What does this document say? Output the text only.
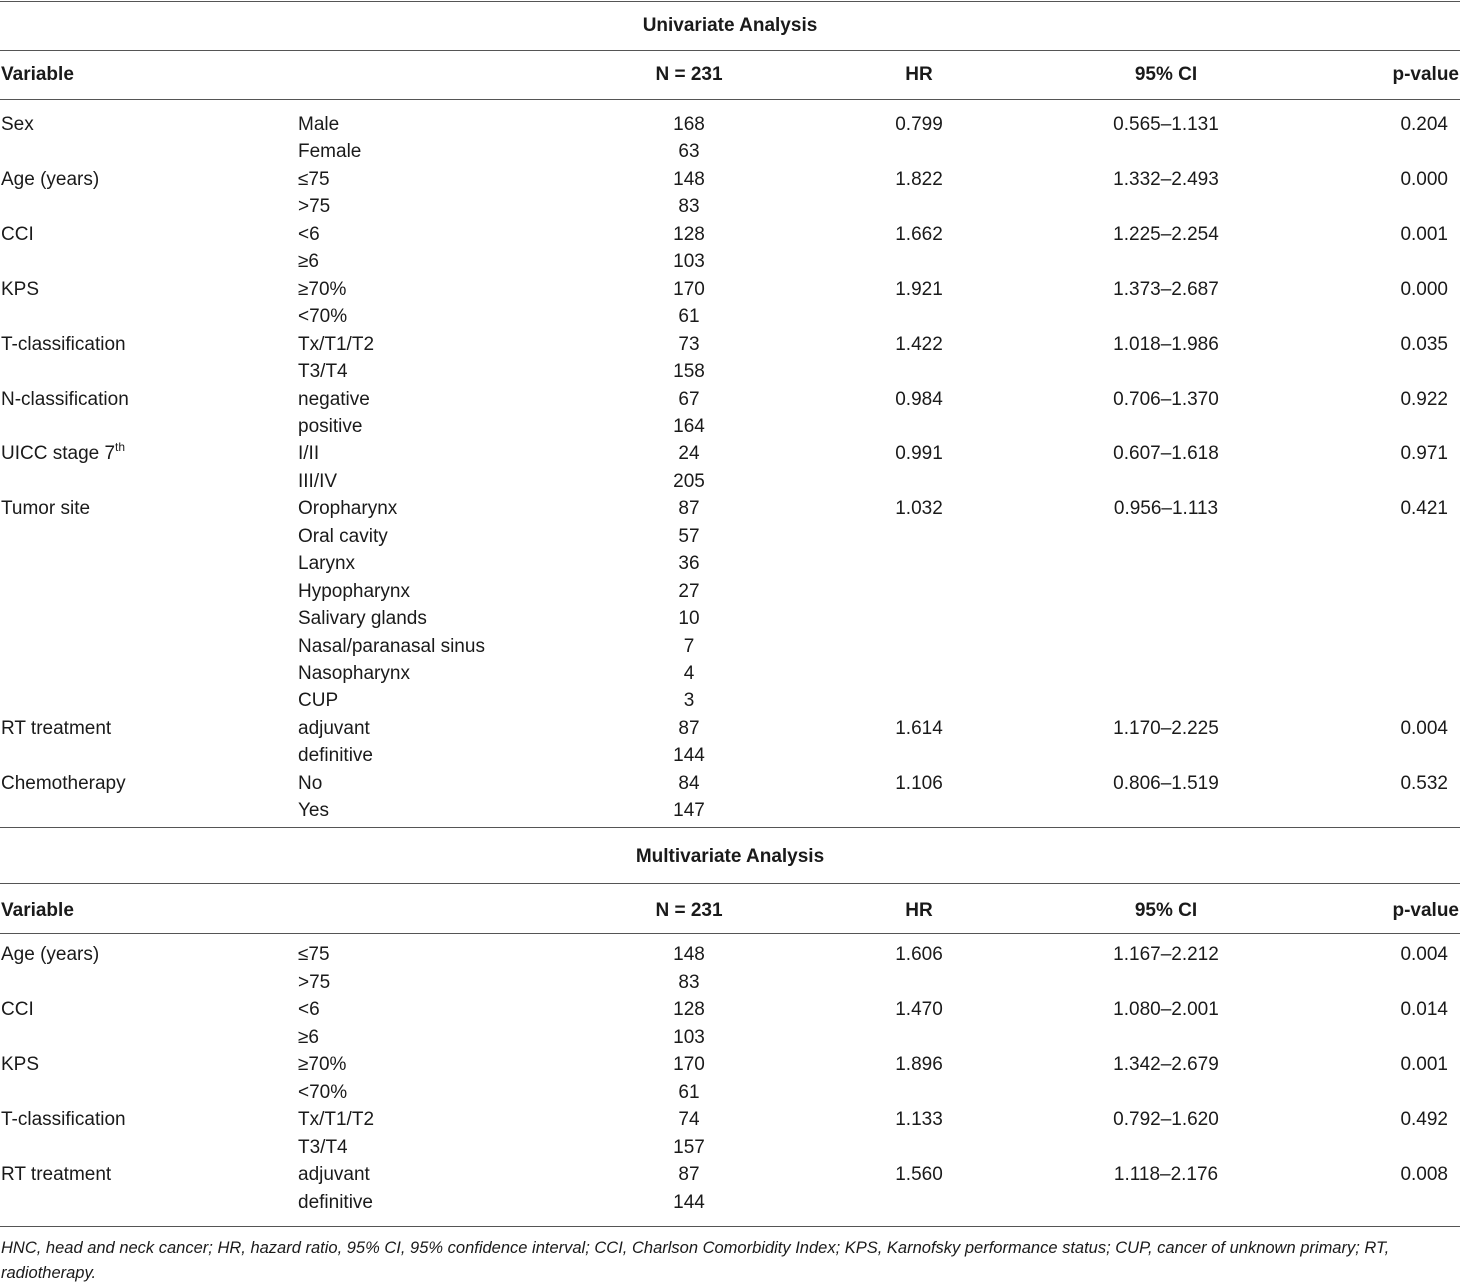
Univariate Analysis
Variable	N = 231	HR	95% CI	p-value
Sex	Male	168	0.799	0.565–1.131	0.204
Female	63
Age (years)	≤75	148	1.822	1.332–2.493	0.000
>75	83
CCI	<6	128	1.662	1.225–2.254	0.001
≥6	103
KPS	≥70%	170	1.921	1.373–2.687	0.000
<70%	61
T-classification	Tx/T1/T2	73	1.422	1.018–1.986	0.035
T3/T4	158
N-classification	negative	67	0.984	0.706–1.370	0.922
positive	164
UICC stage 7th	I/II	24	0.991	0.607–1.618	0.971
III/IV	205
Tumor site	Oropharynx	87	1.032	0.956–1.113	0.421
Oral cavity	57
Larynx	36
Hypopharynx	27
Salivary glands	10
Nasal/paranasal sinus	7
Nasopharynx	4
CUP	3
RT treatment	adjuvant	87	1.614	1.170–2.225	0.004
definitive	144
Chemotherapy	No	84	1.106	0.806–1.519	0.532
Yes	147
Multivariate Analysis
Variable	N = 231	HR	95% CI	p-value
Age (years)	≤75	148	1.606	1.167–2.212	0.004
>75	83
CCI	<6	128	1.470	1.080–2.001	0.014
≥6	103
KPS	≥70%	170	1.896	1.342–2.679	0.001
<70%	61
T-classification	Tx/T1/T2	74	1.133	0.792–1.620	0.492
T3/T4	157
RT treatment	adjuvant	87	1.560	1.118–2.176	0.008
definitive	144
HNC, head and neck cancer; HR, hazard ratio, 95% CI, 95% confidence interval; CCI, Charlson Comorbidity Index; KPS, Karnofsky performance status; CUP, cancer of unknown primary; RT, radiotherapy.
